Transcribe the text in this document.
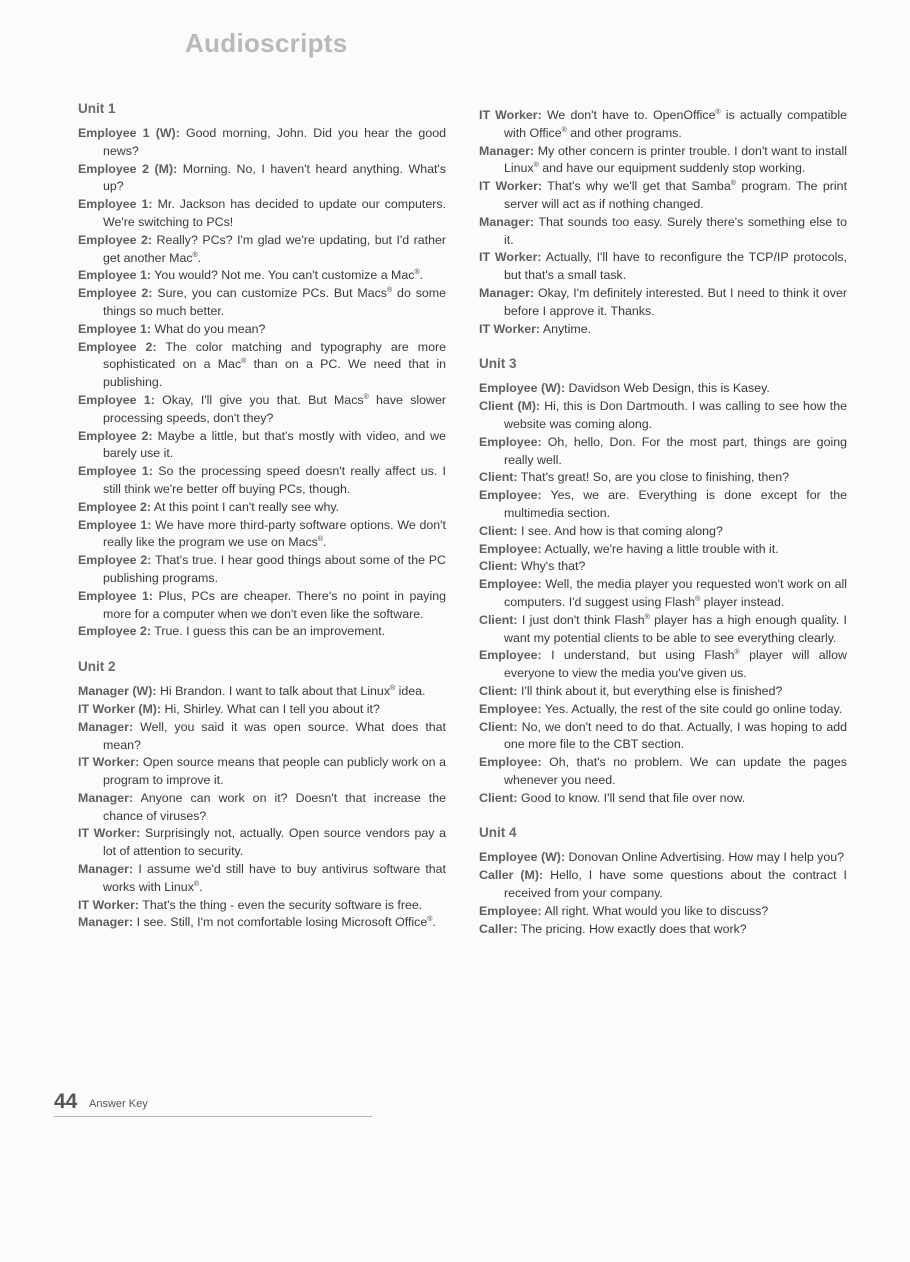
Audioscripts
Unit 1

Employee 1 (W) : Good morning, John. Did you hear the good news?

Employee 2 (M) : Morning. No, I haven't heard anything. What's up?

Employee 1 : Mr. Jackson has decided to update our computers. We're switching to PCs!

Employee 2 : Really? PCs? I'm glad we're updating, but I'd rather get another Mac®.

Employee 1 : You would? Not me. You can't customize a Mac®.

Employee 2 : Sure, you can customize PCs. But Macs® do some things so much better.

Employee 1 : What do you mean?

Employee 2 : The color matching and typography are more sophisticated on a Mac® than on a PC. We need that in publishing.

Employee 1 : Okay, I'll give you that. But Macs® have slower processing speeds, don't they?

Employee 2 : Maybe a little, but that's mostly with video, and we barely use it.

Employee 1 : So the processing speed doesn't really affect us. I still think we're better off buying PCs, though.

Employee 2 : At this point I can't really see why.

Employee 1 : We have more third-party software options. We don't really like the program we use on Macs®.

Employee 2 : That's true. I hear good things about some of the PC publishing programs.

Employee 1 : Plus, PCs are cheaper. There's no point in paying more for a computer when we don't even like the software.

Employee 2 : True. I guess this can be an improvement.

Unit 2

Manager (W) : Hi Brandon. I want to talk about that Linux® idea.

IT Worker (M) : Hi, Shirley. What can I tell you about it?

Manager : Well, you said it was open source. What does that mean?

IT Worker : Open source means that people can publicly work on a program to improve it.

Manager : Anyone can work on it? Doesn't that increase the chance of viruses?

IT Worker : Surprisingly not, actually. Open source vendors pay a lot of attention to security.

Manager : I assume we'd still have to buy antivirus software that works with Linux®.

IT Worker : That's the thing - even the security software is free.

Manager : I see. Still, I'm not comfortable losing Microsoft Office®.

IT Worker : We don't have to. OpenOffice® is actually compatible with Office® and other programs.

Manager : My other concern is printer trouble. I don't want to install Linux® and have our equipment suddenly stop working.

IT Worker : That's why we'll get that Samba® program. The print server will act as if nothing changed.

Manager : That sounds too easy. Surely there's something else to it.

IT Worker : Actually, I'll have to reconfigure the TCP/IP protocols, but that's a small task.

Manager : Okay, I'm definitely interested. But I need to think it over before I approve it. Thanks.

IT Worker : Anytime.

Unit 3

Employee (W) : Davidson Web Design, this is Kasey.

Client (M) : Hi, this is Don Dartmouth. I was calling to see how the website was coming along.

Employee : Oh, hello, Don. For the most part, things are going really well.

Client : That's great! So, are you close to finishing, then?

Employee : Yes, we are. Everything is done except for the multimedia section.

Client : I see. And how is that coming along?

Employee : Actually, we're having a little trouble with it.

Client : Why's that?

Employee : Well, the media player you requested won't work on all computers. I'd suggest using Flash® player instead.

Client : I just don't think Flash® player has a high enough quality. I want my potential clients to be able to see everything clearly.

Employee : I understand, but using Flash® player will allow everyone to view the media you've given us.

Client : I'll think about it, but everything else is finished?

Employee : Yes. Actually, the rest of the site could go online today.

Client : No, we don't need to do that. Actually, I was hoping to add one more file to the CBT section.

Employee : Oh, that's no problem. We can update the pages whenever you need.

Client : Good to know. I'll send that file over now.

Unit 4

Employee (W) : Donovan Online Advertising. How may I help you?

Caller (M) : Hello, I have some questions about the contract I received from your company.

Employee : All right. What would you like to discuss?

Caller : The pricing. How exactly does that work?

44 Answer Key
